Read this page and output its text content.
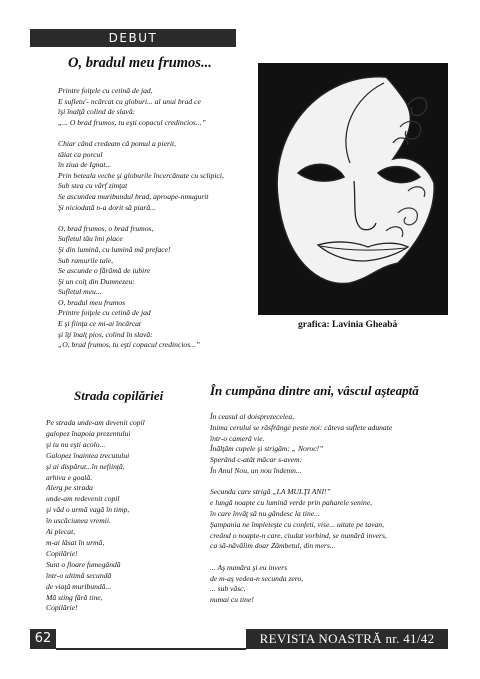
DEBUT
O, bradul meu frumos...
Printre foiţele cu cetină de jad,
E sufletu'- ncărcat cu globuri... al unui brad ce
îşi înalţă colind de slavă:
„... O brad frumos, tu eşti copacul credincios...”
Chiar când credeam că pomul a pierit,
tăiat ca porcul
în ziua de Ignat...
Prin beteala veche şi globurile încercănate cu sclipici,
Sub stea cu vârf zimţat
Se ascundea muribundul brad, aproape-nmugurit
Şi niciodată n-a dorit să piară...
O, brad frumos, o brad frumos,
Sufletul tău îmi place
Şi din lumină, cu lumină mă preface!
Sub ramurile tale,
Se ascunde o fărâmă de iubire
Şi un colţ din Dumnezeu:
Sufletul meu...
O, bradul meu frumos
Printre foiţele cu cetină de jad
E şi fiinţa ce mi-ai încărcat
şi îţi înalţ pios, colind în slavă:
„O, brad frumos, tu eşti copacul credincios...”
grafica: Lavinia Gheabă
Strada copilăriei
Pe strada unde-am devenit copil
galopez înapoia prezentului
şi tu nu eşti acolo...
Galopez înaintea trecutului
şi ai dispărut...în neființă,
arhiva e goală.
Alerg pe strada
unde-am redevenit copil
şi văd o urmă vagă în timp,
în uscăciunea vremii.
Ai plecat,
m-ai lăsat în urmă,
Copilărie!
Sunt o floare fumegândă
într-o ultimă secundă
de viaţă muribundă...
Mă sting fără tine,
Copilărie!
În cumpăna dintre ani, vâscul aşteaptă
În ceasul al doisprezecelea,
Inima cerului se răsfrânge peste noi: câteva suflete adunate
într-o cameră vie.
Înălţăm cupele şi strigăm: „ Noroc!”
Sperând c-atât măcar s-avem:
În Anul Nou, un nou îndemn...
Secunda care strigă „LA MULŢI ANI!”
e lungă noapte cu lumină verde prin paharele senine,
în care învăţ să nu gândesc la tine...
Şampania ne împleteşte cu confeti, vise... uitate pe tavan,
creând o noapte-n care, ciudat vorbind, se numără invers,
ca să-năvălim doar Zâmbetul, din mers...
... Aş număra şi eu invers
de m-aş vedea-n secunda zero,
... sub vâsc,
numai cu tine!
62	REVISTA NOASTRĂ nr. 41/42
